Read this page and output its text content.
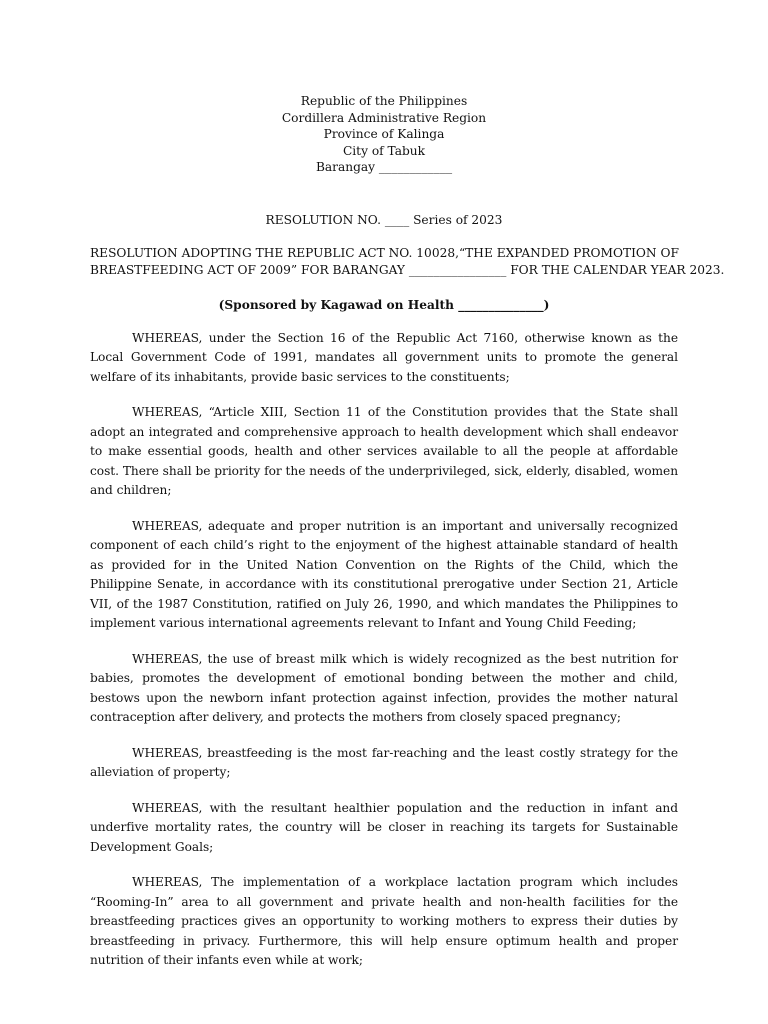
Republic of the Philippines
Cordillera Administrative Region
Province of Kalinga
City of Tabuk
Barangay ____________
RESOLUTION NO. ____ Series of 2023
RESOLUTION ADOPTING THE REPUBLIC ACT NO. 10028,“THE EXPANDED PROMOTION OF
BREASTFEEDING ACT OF 2009” FOR BARANGAY ________________ FOR THE CALENDAR YEAR 2023.
(Sponsored by Kagawad on Health ______________)

WHEREAS, under the Section 16 of the Republic Act 7160, otherwise known as the Local Government Code of 1991, mandates all government units to promote the general welfare of its inhabitants, provide basic services to the constituents;

WHEREAS, “Article XIII, Section 11 of the Constitution provides that the State shall adopt an integrated and comprehensive approach to health development which shall endeavor to make essential goods, health and other services available to all the people at affordable cost. There shall be priority for the needs of the underprivileged, sick, elderly, disabled, women and children;

WHEREAS, adequate and proper nutrition is an important and universally recognized component of each child’s right to the enjoyment of the highest attainable standard of health as provided for in the United Nation Convention on the Rights of the Child, which the Philippine Senate, in accordance with its constitutional prerogative under Section 21, Article VII, of the 1987 Constitution, ratified on July 26, 1990, and which mandates the Philippines to implement various international agreements relevant to Infant and Young Child Feeding;

WHEREAS, the use of breast milk which is widely recognized as the best nutrition for babies, promotes the development of emotional bonding between the mother and child, bestows upon the newborn infant protection against infection, provides the mother natural contraception after delivery, and protects the mothers from closely spaced pregnancy;

WHEREAS, breastfeeding is the most far-reaching and the least costly strategy for the alleviation of property;

WHEREAS, with the resultant healthier population and the reduction in infant and underfive mortality rates, the country will be closer in reaching its targets for Sustainable Development Goals;

WHEREAS, The implementation of a workplace lactation program which includes “Rooming-In” area to all government and private health and non-health facilities for the breastfeeding practices gives an opportunity to working mothers to express their duties by breastfeeding in privacy. Furthermore, this will help ensure optimum health and proper nutrition of their infants even while at work;
